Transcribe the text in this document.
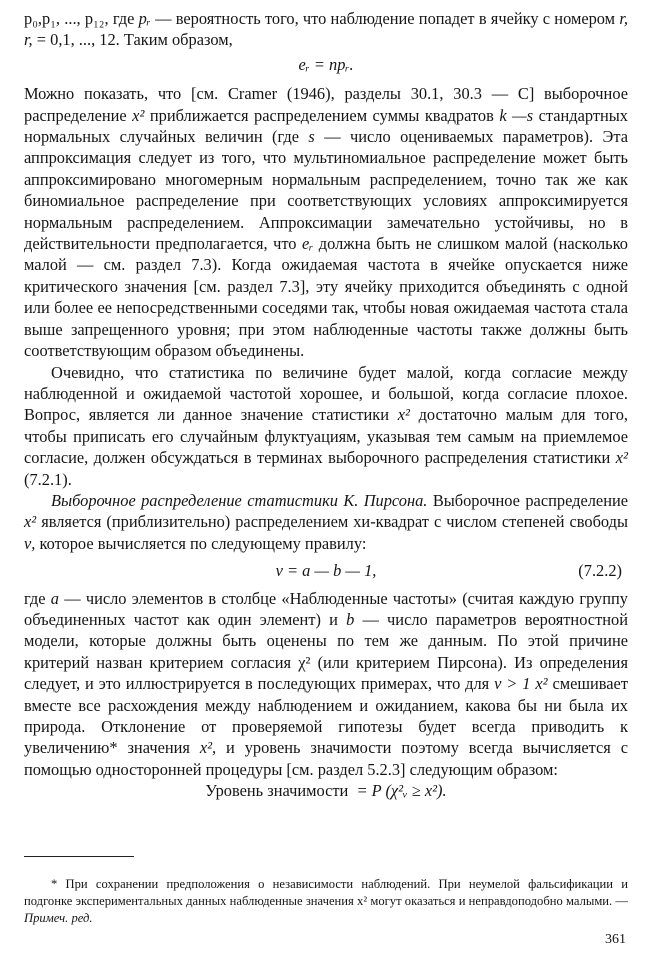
p₀,p₁, ..., p₁₂, где pᵣ — вероятность того, что наблюдение попадет в ячейку с номером r, r, = 0,1, ..., 12. Таким образом,

eᵣ = npᵣ.

Можно показать, что [см. Cramer (1946), разделы 30.1, 30.3 — C] выборочное распределение x² приближается распределением суммы квадратов k —s стандартных нормальных случайных величин (где s — число оцениваемых параметров). Эта аппроксимация следует из того, что мультиномиальное распределение может быть аппроксимировано многомерным нормальным распределением, точно так же как биномиальное распределение при соответствующих условиях аппроксимируется нормальным распределением. Аппроксимации замечательно устойчивы, но в действительности предполагается, что eᵣ должна быть не слишком малой (насколько малой — см. раздел 7.3). Когда ожидаемая частота в ячейке опускается ниже критического значения [см. раздел 7.3], эту ячейку приходится объединять с одной или более ее непосредственными соседями так, чтобы новая ожидаемая частота стала выше запрещенного уровня; при этом наблюденные частоты также должны быть соответствующим образом объединены.

Очевидно, что статистика по величине будет малой, когда согласие между наблюденной и ожидаемой частотой хорошее, и большой, когда согласие плохое. Вопрос, является ли данное значение статистики x² достаточно малым для того, чтобы приписать его случайным флуктуациям, указывая тем самым на приемлемое согласие, должен обсуждаться в терминах выборочного распределения статистики x² (7.2.1).

Выборочное распределение статистики К. Пирсона. Выборочное распределение x² является (приблизительно) распределением хи-квадрат с числом степеней свободы ν, которое вычисляется по следующему правилу:

ν = a — b — 1,	(7.2.2)

где a — число элементов в столбце «Наблюденные частоты» (считая каждую группу объединенных частот как один элемент) и b — число параметров вероятностной модели, которые должны быть оценены по тем же данным. По этой причине критерий назван критерием согласия χ² (или критерием Пирсона). Из определения следует, и это иллюстрируется в последующих примерах, что для ν > 1 x² смешивает вместе все расхождения между наблюдением и ожиданием, какова бы ни была их природа. Отклонение от проверяемой гипотезы будет всегда приводить к увеличению* значения x², и уровень значимости поэтому всегда вычисляется с помощью односторонней процедуры [см. раздел 5.2.3] следующим образом:

Уровень значимости = P (χ²ᵥ ≥ x²).

* При сохранении предположения о независимости наблюдений. При неумелой фальсификации и подгонке экспериментальных данных наблюденные значения x² могут оказаться и неправдоподобно малыми. — Примеч. ред.
361
